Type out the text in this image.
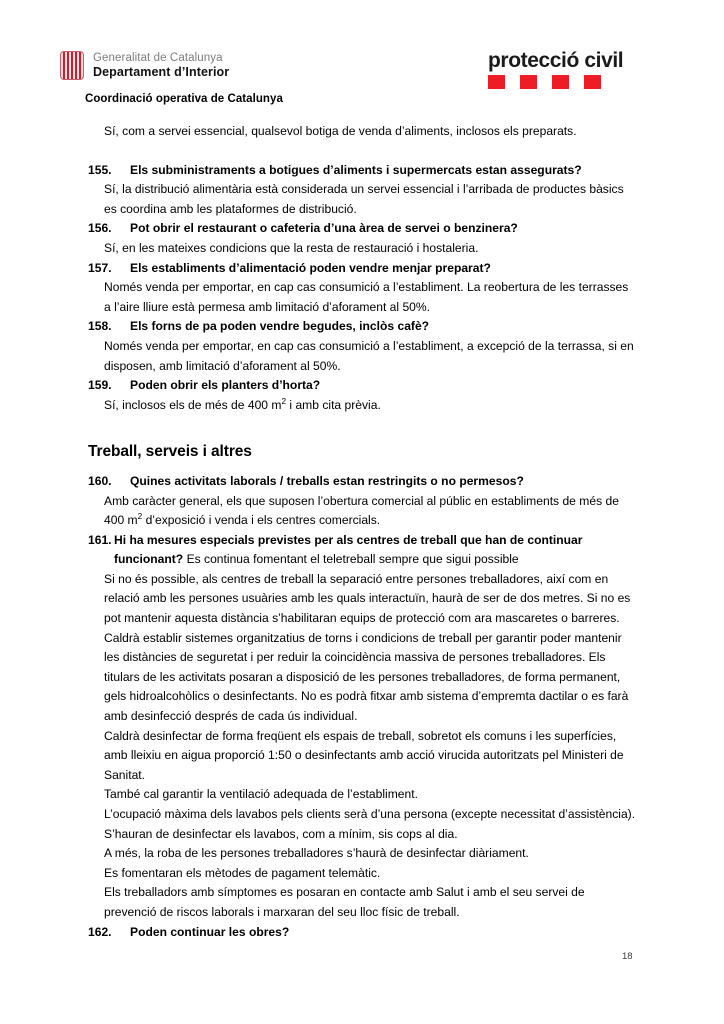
Generalitat de Catalunya
Departament d’Interior	protecció civil
Coordinació operativa de Catalunya
Sí, com a servei essencial, qualsevol botiga de venda d’aliments, inclosos els preparats.
155.	Els subministraments a botigues d’aliments i supermercats estan assegurats?
Sí, la distribució alimentària està considerada un servei essencial i l’arribada de productes bàsics es coordina amb les plataformes de distribució.
156.	Pot obrir el restaurant o cafeteria d’una àrea de servei o benzinera?
Sí, en les mateixes condicions que la resta de restauració i hostaleria.
157.	Els establiments d’alimentació poden vendre menjar preparat?
Només venda per emportar, en cap cas consumició a l’establiment. La reobertura de les terrasses a l’aire lliure està permesa amb limitació d’aforament al 50%.
158.	Els forns de pa poden vendre begudes, inclòs cafè?
Només venda per emportar, en cap cas consumició a l’establiment, a excepció de la terrassa, si en disposen, amb limitació d’aforament al 50%.
159.	Poden obrir els planters d’horta?
Sí, inclosos els de més de 400 $m^2$ i amb cita prèvia.
Treball, serveis i altres
160.	Quines activitats laborals / treballs estan restringits o no permesos?
Amb caràcter general, els que suposen l’obertura comercial al públic en establiments de més de 400 $m^2$ d’exposició i venda i els centres comercials.
161. Hi ha mesures especials previstes per als centres de treball que han de continuar funcionant? Es continua fomentant el teletreball sempre que sigui possible
Si no és possible, als centres de treball la separació entre persones treballadores, així com en relació amb les persones usuàries amb les quals interactuïn, haurà de ser de dos metres. Si no es pot mantenir aquesta distància s’habilitaran equips de protecció com ara mascaretes o barreres. Caldrà establir sistemes organitzatius de torns i condicions de treball per garantir poder mantenir les distàncies de seguretat i per reduir la coincidència massiva de persones treballadores. Els titulars de les activitats posaran a disposició de les persones treballadores, de forma permanent, gels hidroalcohòlics o desinfectants. No es podrà fitxar amb sistema d’empremta dactilar o es farà amb desinfecció després de cada ús individual.
Caldrà desinfectar de forma freqüent els espais de treball, sobretot els comuns i les superfícies, amb lleixiu en aigua proporció 1:50 o desinfectants amb acció virucida autoritzats pel Ministeri de Sanitat.
També cal garantir la ventilació adequada de l’establiment.
L’ocupació màxima dels lavabos pels clients serà d’una persona (excepte necessitat d’assistència). S’hauran de desinfectar els lavabos, com a mínim, sis cops al dia.
A més, la roba de les persones treballadores s’haurà de desinfectar diàriament.
Es fomentaran els mètodes de pagament telemàtic.
Els treballadors amb símptomes es posaran en contacte amb Salut i amb el seu servei de prevenció de riscos laborals i marxaran del seu lloc físic de treball.
162.	Poden continuar les obres?
18
